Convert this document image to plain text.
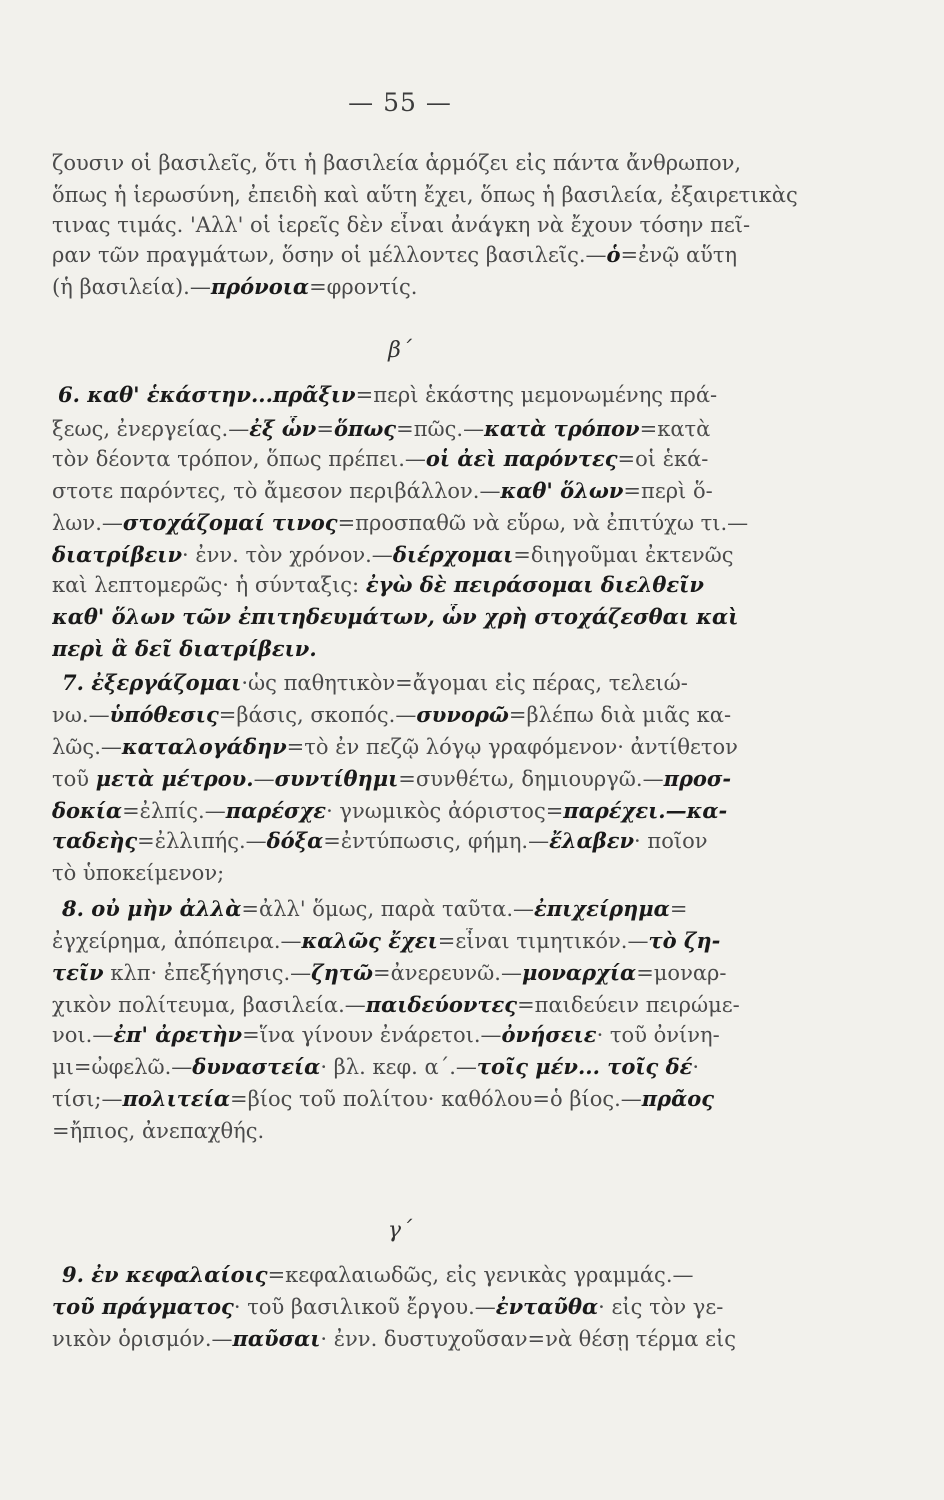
— 55 —
β΄
γ΄
ζουσιν οἱ βασιλεῖς, ὅτι ἡ βασιλεία ἁρμόζει εἰς πάντα ἄνθρωπον,
ὅπως ἡ ἱερωσύνη, ἐπειδὴ καὶ αὕτη ἔχει, ὅπως ἡ βασιλεία, ἐξαιρετικὰς
τινας τιμάς. 'Αλλ' οἱ ἱερεῖς δὲν εἶναι ἀνάγκη νὰ ἔχουν τόσην πεῖ-
ραν τῶν πραγμάτων, ὅσην οἱ μέλλοντες βασιλεῖς.—ὁ=ἐνῷ αὕτη
(ἡ βασιλεία).—πρόνοια=φροντίς.
6. καθ' ἑκάστην...πρᾶξιν=περὶ ἑκάστης μεμονωμένης πρά-
ξεως, ἐνεργείας.—ἐξ ὧν=ὅπως=πῶς.—κατὰ τρόπον=κατὰ
τὸν δέοντα τρόπον, ὅπως πρέπει.—οἱ ἀεὶ παρόντες=οἱ ἑκά-
στοτε παρόντες, τὸ ἄμεσον περιβάλλον.—καθ' ὅλων=περὶ ὅ-
λων.—στοχάζομαί τινος=προσπαθῶ νὰ εὕρω, νὰ ἐπιτύχω τι.—
διατρίβειν· ἐνν. τὸν χρόνον.—διέρχομαι=διηγοῦμαι ἐκτενῶς
καὶ λεπτομερῶς· ἡ σύνταξις: ἐγὼ δὲ πειράσομαι διελθεῖν
καθ' ὅλων τῶν ἐπιτηδευμάτων, ὧν χρὴ στοχάζεσθαι καὶ
περὶ ἃ δεῖ διατρίβειν.
7. ἐξεργάζομαι·ὡς παθητικὸν=ἄγομαι εἰς πέρας, τελειώ-
νω.—ὑπόθεσις=βάσις, σκοπός.—συνορῶ=βλέπω διὰ μιᾶς κα-
λῶς.—καταλογάδην=τὸ ἐν πεζῷ λόγῳ γραφόμενον· ἀντίθετον
τοῦ μετὰ μέτρου.—συντίθημι=συνθέτω, δημιουργῶ.—προσ-
δοκία=ἐλπίς.—παρέσχε· γνωμικὸς ἀόριστος=παρέχει.—κα-
ταδεὴς=ἐλλιπής.—δόξα=ἐντύπωσις, φήμη.—ἔλαβεν· ποῖον
τὸ ὑποκείμενον;
8. οὐ μὴν ἀλλὰ=ἀλλ' ὅμως, παρὰ ταῦτα.—ἐπιχείρημα=
ἐγχείρημα, ἀπόπειρα.—καλῶς ἔχει=εἶναι τιμητικόν.—τὸ ζη-
τεῖν κλπ· ἐπεξήγησις.—ζητῶ=ἀνερευνῶ.—μοναρχία=μοναρ-
χικὸν πολίτευμα, βασιλεία.—παιδεύοντες=παιδεύειν πειρώμε-
νοι.—ἐπ' ἀρετὴν=ἵνα γίνουν ἐνάρετοι.—ὀνήσειε· τοῦ ὀνίνη-
μι=ὠφελῶ.—δυναστεία· βλ. κεφ. α΄.—τοῖς μέν... τοῖς δέ·
τίσι;—πολιτεία=βίος τοῦ πολίτου· καθόλου=ὁ βίος.—πρᾶος
=ἤπιος, ἀνεπαχθής.
9. ἐν κεφαλαίοις=κεφαλαιωδῶς, εἰς γενικὰς γραμμάς.—
τοῦ πράγματος· τοῦ βασιλικοῦ ἔργου.—ἐνταῦθα· εἰς τὸν γε-
νικὸν ὁρισμόν.—παῦσαι· ἐνν. δυστυχοῦσαν=νὰ θέσῃ τέρμα εἰς
